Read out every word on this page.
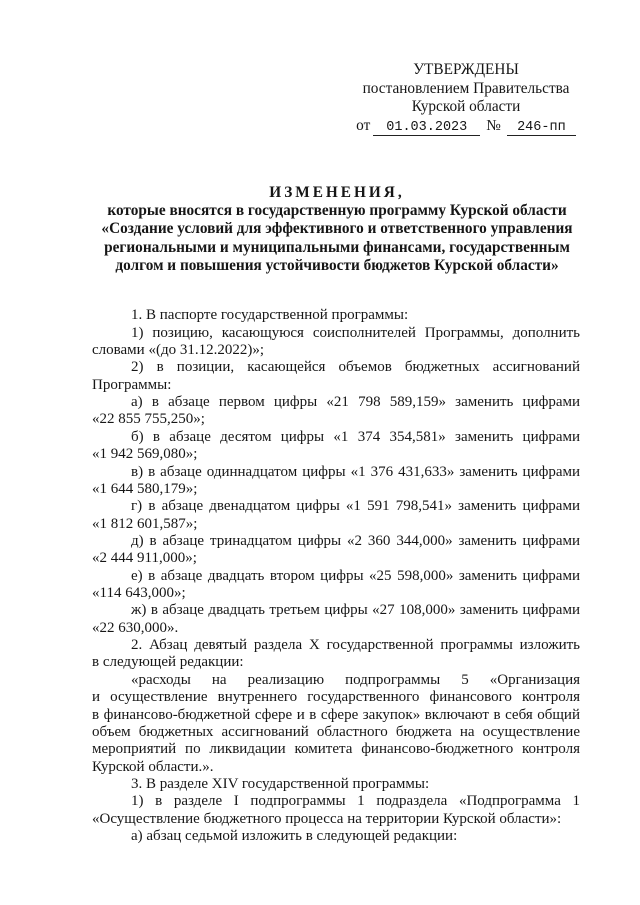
УТВЕРЖДЕНЫ
постановлением Правительства
Курской области
от 01.03.2023 № 246-пп
ИЗМЕНЕНИЯ,
которые вносятся в государственную программу Курской области
«Создание условий для эффективного и ответственного управления
региональными и муниципальными финансами, государственным
долгом и повышения устойчивости бюджетов Курской области»
1. В паспорте государственной программы:
1) позицию, касающуюся соисполнителей Программы, дополнить
словами «(до 31.12.2022)»;
2) в позиции, касающейся объемов бюджетных ассигнований
Программы:
а) в абзаце первом цифры «21 798 589,159» заменить цифрами
«22 855 755,250»;
б) в абзаце десятом цифры «1 374 354,581» заменить цифрами
«1 942 569,080»;
в) в абзаце одиннадцатом цифры «1 376 431,633» заменить цифрами
«1 644 580,179»;
г) в абзаце двенадцатом цифры «1 591 798,541» заменить цифрами
«1 812 601,587»;
д) в абзаце тринадцатом цифры «2 360 344,000» заменить цифрами
«2 444 911,000»;
е) в абзаце двадцать втором цифры «25 598,000» заменить цифрами
«114 643,000»;
ж) в абзаце двадцать третьем цифры «27 108,000» заменить цифрами
«22 630,000».
2. Абзац девятый раздела X государственной программы изложить
в следующей редакции:
«расходы на реализацию подпрограммы 5 «Организация
и осуществление внутреннего государственного финансового контроля
в финансово-бюджетной сфере и в сфере закупок» включают в себя общий
объем бюджетных ассигнований областного бюджета на осуществление
мероприятий по ликвидации комитета финансово-бюджетного контроля
Курской области.».
3. В разделе XIV государственной программы:
1) в разделе I подпрограммы 1 подраздела «Подпрограмма 1
«Осуществление бюджетного процесса на территории Курской области»:
а) абзац седьмой изложить в следующей редакции:
